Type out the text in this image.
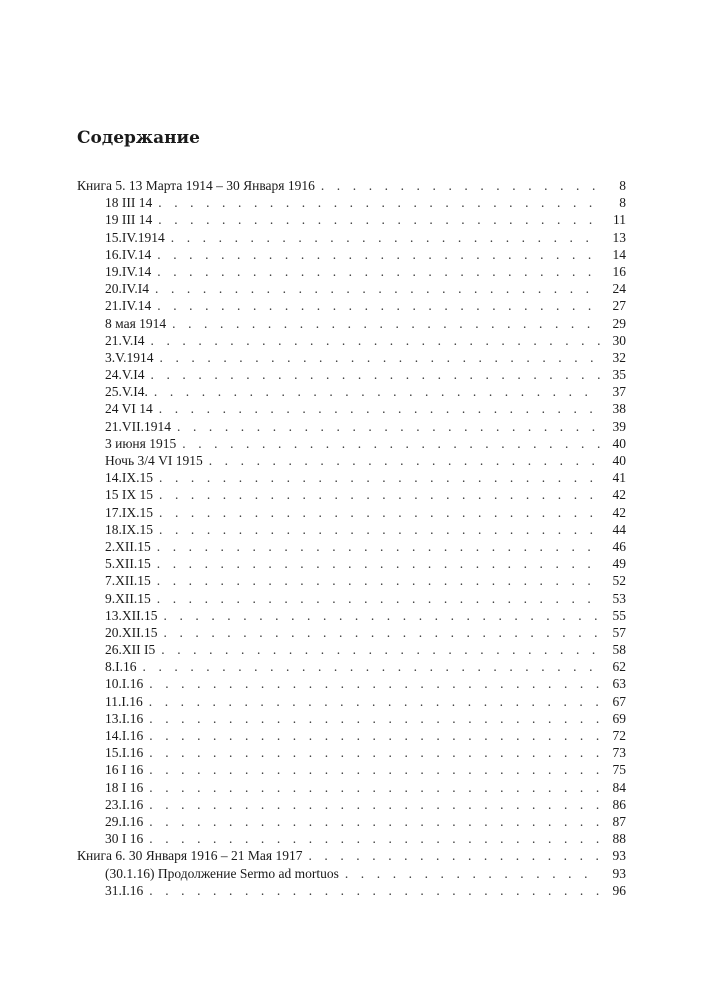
Содержание
Книга 5. 13 Марта 1914 – 30 Января 1916 . . .	8
18 III 14 . . .	8
19 III 14 . . .	11
15.IV.1914 . . .	13
16.IV.14 . . .	14
19.IV.14 . . .	16
20.IV.I4 . . .	24
21.IV.14 . . .	27
8 мая 1914 . . .	29
21.V.I4 . . .	30
3.V.1914 . . .	32
24.V.I4 . . .	35
25.V.I4. . . .	37
24 VI 14 . . .	38
21.VII.1914 . . .	39
3 июня 1915 . . .	40
Ночь 3/4 VI 1915 . . .	40
14.IX.15 . . .	41
15 IX 15 . . .	42
17.IX.15 . . .	42
18.IX.15 . . .	44
2.XII.15 . . .	46
5.XII.15 . . .	49
7.XII.15 . . .	52
9.XII.15 . . .	53
13.XII.15 . . .	55
20.XII.15 . . .	57
26.XII I5 . . .	58
8.I.16 . . .	62
10.I.16 . . .	63
11.I.16 . . .	67
13.I.16 . . .	69
14.I.16 . . .	72
15.I.16 . . .	73
16 I 16 . . .	75
18 I 16 . . .	84
23.I.16 . . .	86
29.I.16 . . .	87
30 I 16 . . .	88
Книга 6. 30 Января 1916 – 21 Мая 1917 . . .	93
(30.1.16) Продолжение Sermo ad mortuos . . .	93
31.I.16 . . .	96
